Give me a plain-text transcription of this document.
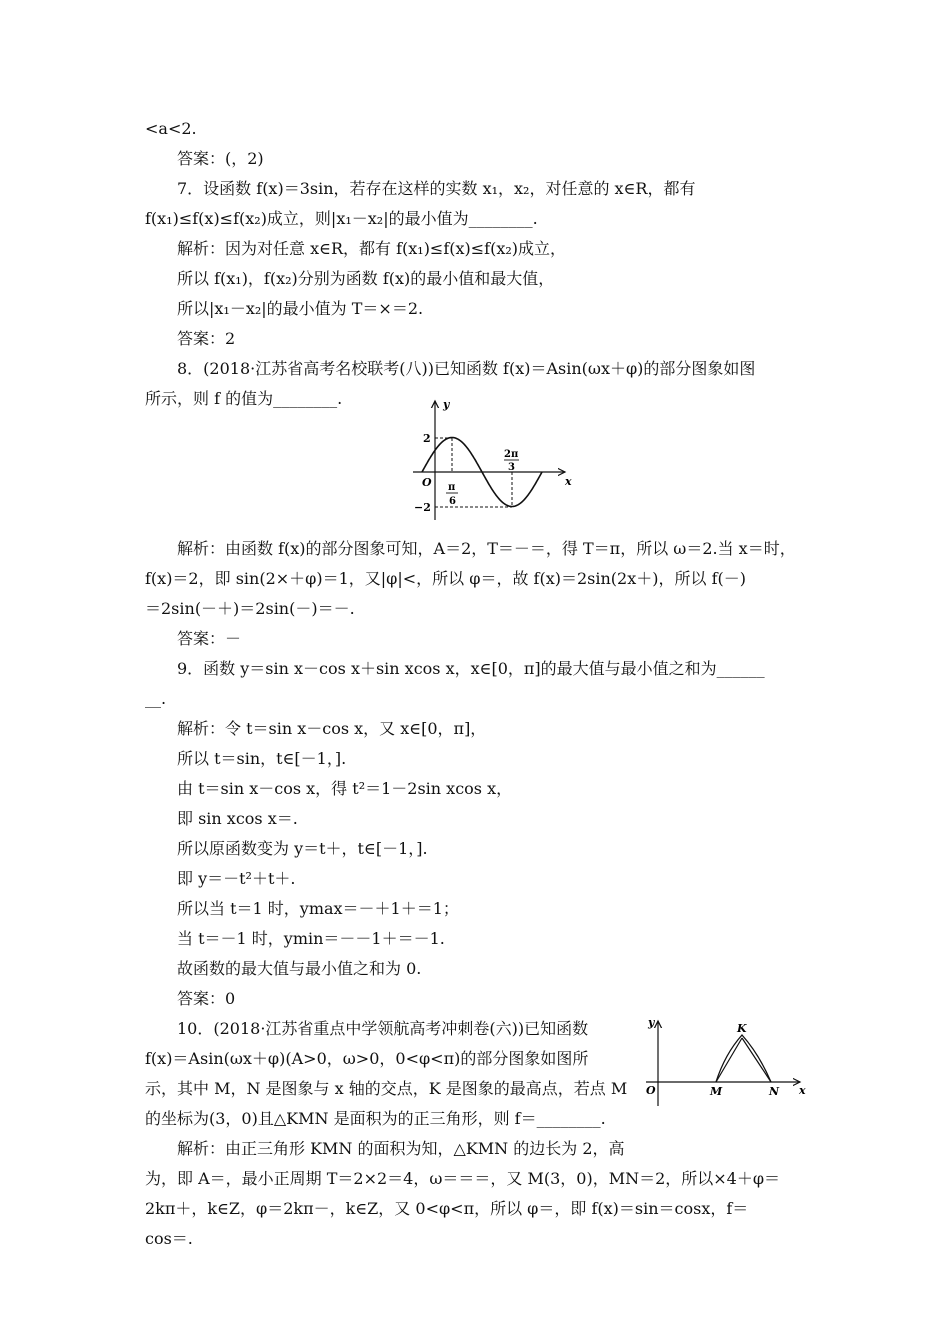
<a<2.
答案：(，2)
7．设函数 f(x)＝3sin，若存在这样的实数 x₁，x₂，对任意的 x∈R，都有
f(x₁)≤f(x)≤f(x₂)成立，则|x₁－x₂|的最小值为________.
解析：因为对任意 x∈R，都有 f(x₁)≤f(x)≤f(x₂)成立，
所以 f(x₁)，f(x₂)分别为函数 f(x)的最小值和最大值，
所以|x₁－x₂|的最小值为 T＝×＝2.
答案：2
8．(2018·江苏省高考名校联考(八))已知函数 f(x)＝Asin(ωx＋φ)的部分图象如图
所示，则 f 的值为________.	y
x
O
2
−2
π
6
2π
3
解析：由函数 f(x)的部分图象可知，A＝2，T＝－＝，得 T＝π，所以 ω＝2.当 x＝时，
f(x)＝2，即 sin(2×＋φ)＝1，又|φ|<，所以 φ＝，故 f(x)＝2sin(2x＋)，所以 f(－)
＝2sin(－＋)＝2sin(－)＝－.
答案：－
9．函数 y＝sin x－cos x＋sin xcos x，x∈[0，π]的最大值与最小值之和为______
__.
解析：令 t＝sin x－cos x，又 x∈[0，π]，
所以 t＝sin，t∈[－1，].
由 t＝sin x－cos x，得 t²＝1－2sin xcos x，
即 sin xcos x＝.
所以原函数变为 y＝t＋，t∈[－1，].
即 y＝－t²＋t＋.
所以当 t＝1 时，ymax＝－＋1＋＝1；
当 t＝－1 时，ymin＝－－1＋＝－1.
故函数的最大值与最小值之和为 0.
答案：0
10．(2018·江苏省重点中学领航高考冲刺卷(六))已知函数
f(x)＝Asin(ωx＋φ)(A>0，ω>0，0<φ<π)的部分图象如图所
示，其中 M，N 是图象与 x 轴的交点，K 是图象的最高点，若点 M
的坐标为(3，0)且△KMN 是面积为的正三角形，则 f＝________.
解析：由正三角形 KMN 的面积为知，△KMN 的边长为 2，高
为，即 A＝，最小正周期 T＝2×2＝4，ω＝＝＝，又 M(3，0)，MN＝2，所以×4＋φ＝
2kπ＋，k∈Z，φ＝2kπ－，k∈Z，又 0<φ<π，所以 φ＝，即 f(x)＝sin＝cosx，f＝
cos＝.
y
x
O
K
M	N
